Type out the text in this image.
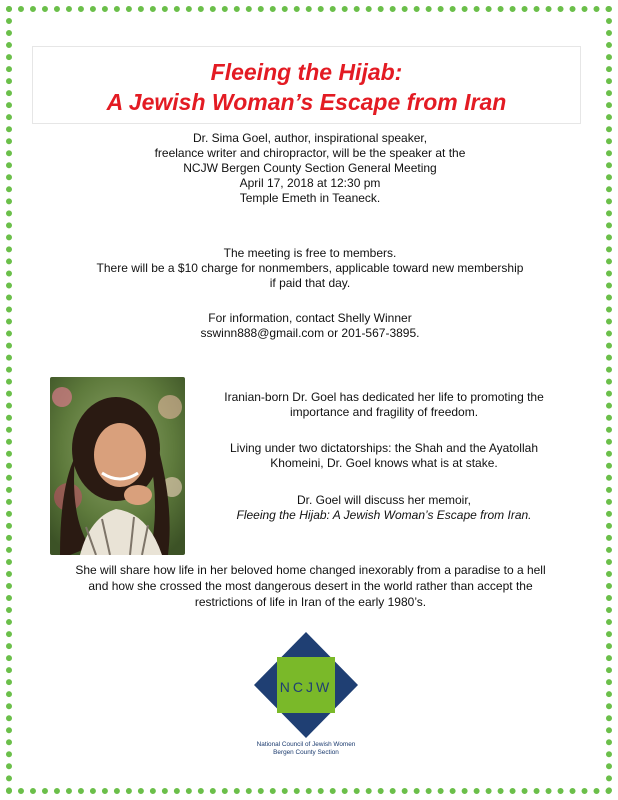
Fleeing the Hijab:
A Jewish Woman’s Escape from Iran
Dr. Sima Goel, author, inspirational speaker,
freelance writer and chiropractor, will be the speaker at the
NCJW Bergen County Section General Meeting
April 17, 2018 at 12:30 pm
Temple Emeth in Teaneck.
The meeting is free to members.
There will be a $10 charge for nonmembers, applicable toward new membership
if paid that day.
For information, contact Shelly Winner
sswinn888@gmail.com or 201-567-3895.
Iranian-born Dr. Goel has dedicated her life to promoting the
importance and fragility of freedom.
Living under two dictatorships: the Shah and the Ayatollah
Khomeini, Dr. Goel knows what is at stake.
Dr. Goel will discuss her memoir,
Fleeing the Hijab: A Jewish Woman’s Escape from Iran.
She will share how life in her beloved home changed inexorably from a paradise to a hell
and how she crossed the most dangerous desert in the world rather than accept the
restrictions of life in Iran of the early 1980’s.
NCJW
National Council of Jewish Women
Bergen County Section
